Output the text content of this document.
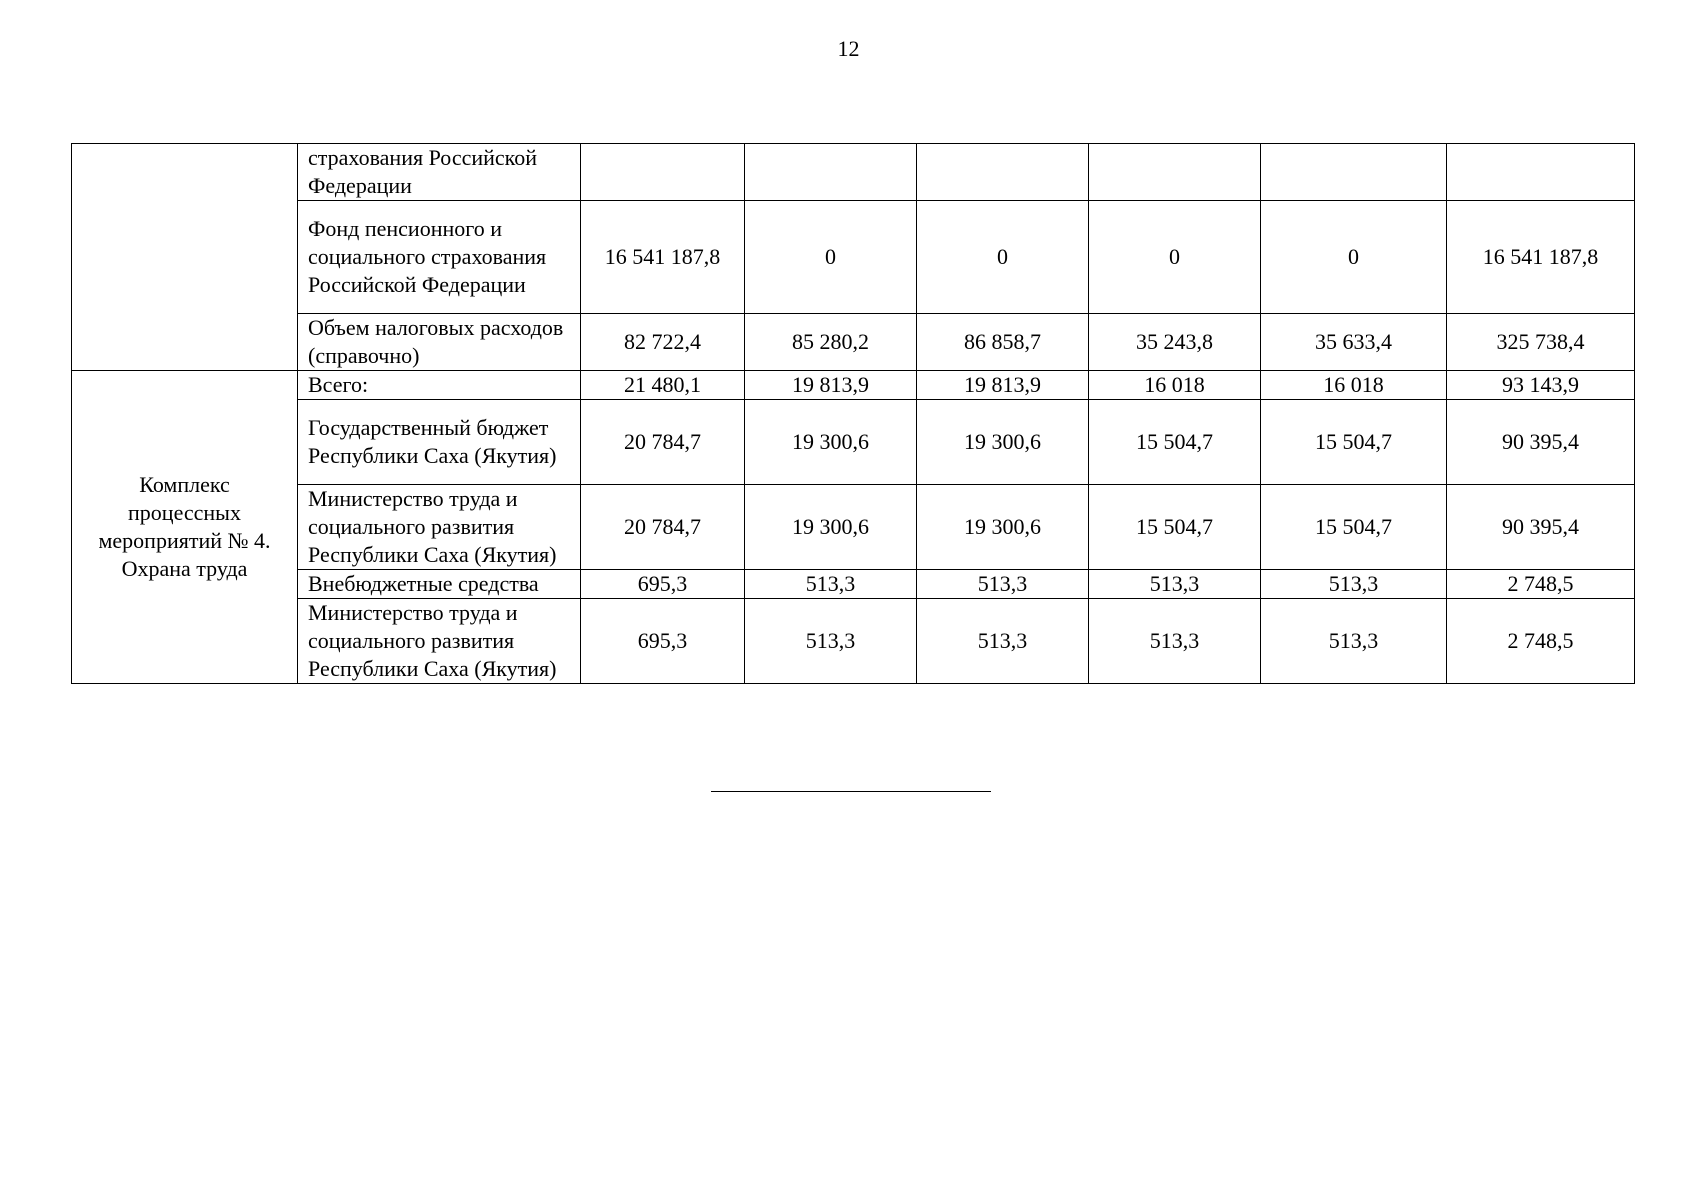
12
	страхования Российской Федерации						
	Фонд пенсионного и социального страхования Российской Федерации	16 541 187,8	0	0	0	0	16 541 187,8
	Объем налоговых расходов (справочно)	82 722,4	85 280,2	86 858,7	35 243,8	35 633,4	325 738,4
Комплекс процессных мероприятий № 4. Охрана труда	Всего:	21 480,1	19 813,9	19 813,9	16 018	16 018	93 143,9
	Государственный бюджет Республики Саха (Якутия)	20 784,7	19 300,6	19 300,6	15 504,7	15 504,7	90 395,4
	Министерство труда и социального развития Республики Саха (Якутия)	20 784,7	19 300,6	19 300,6	15 504,7	15 504,7	90 395,4
	Внебюджетные средства	695,3	513,3	513,3	513,3	513,3	2 748,5
	Министерство труда и социального развития Республики Саха (Якутия)	695,3	513,3	513,3	513,3	513,3	2 748,5
